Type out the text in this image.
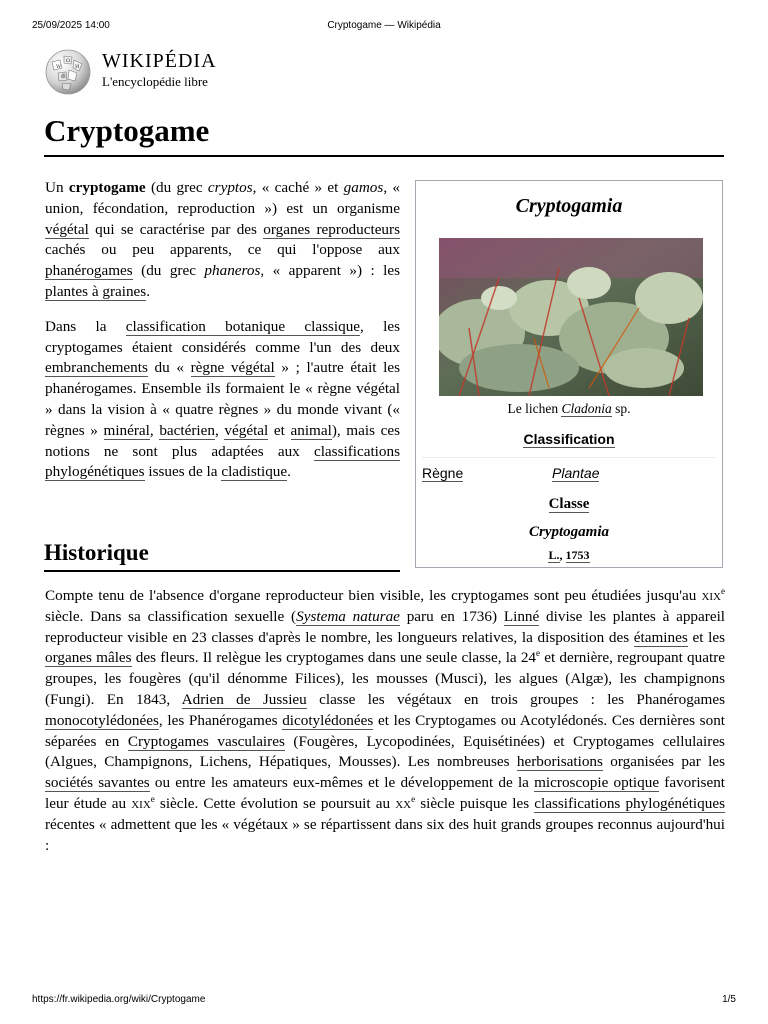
25/09/2025 14:00	Cryptogame — Wikipédia
W
Ω
И
維
WIKIPÉDIA
L'encyclopédie libre
Cryptogame

Un cryptogame (du grec cryptos, « caché » et gamos, « union, fécondation, reproduction ») est un organisme végétal qui se caractérise par des organes reproducteurs cachés ou peu apparents, ce qui l'oppose aux phanérogames (du grec phaneros, « apparent ») : les plantes à graines.

Dans la classification botanique classique, les cryptogames étaient considérés comme l'un des deux embranchements du « règne végétal » ; l'autre était les phanérogames. Ensemble ils formaient le « règne végétal » dans la vision à « quatre règnes » du monde vivant (« règnes » minéral, bactérien, végétal et animal), mais ces notions ne sont plus adaptées aux classifications phylogénétiques issues de la cladistique.

Cryptogamia
Le lichen Cladonia sp.
Classification
Règne	Plantae
Classe
Cryptogamia
L., 1753
Historique

Compte tenu de l'absence d'organe reproducteur bien visible, les cryptogames sont peu étudiées jusqu'au xix$^e$ siècle. Dans sa classification sexuelle (Systema naturae paru en 1736) Linné divise les plantes à appareil reproducteur visible en 23 classes d'après le nombre, les longueurs relatives, la disposition des étamines et les organes mâles des fleurs. Il relègue les cryptogames dans une seule classe, la 24e et dernière, regroupant quatre groupes, les fougères (qu'il dénomme Filices), les mousses (Musci), les algues (Algæ), les champignons (Fungi). En 1843, Adrien de Jussieu classe les végétaux en trois groupes : les Phanérogames monocotylédonées, les Phanérogames dicotylédonées et les Cryptogames ou Acotylédonés. Ces dernières sont séparées en Cryptogames vasculaires (Fougères, Lycopodinées, Equisétinées) et Cryptogames cellulaires (Algues, Champignons, Lichens, Hépatiques, Mousses). Les nombreuses herborisations organisées par les sociétés savantes ou entre les amateurs eux-mêmes et le développement de la microscopie optique favorisent leur étude au xix$^e$ siècle. Cette évolution se poursuit au $xx^e$ siècle puisque les classifications phylogénétiques récentes « admettent que les « végétaux » se répartissent dans six des huit grands groupes reconnus aujourd'hui :

https://fr.wikipedia.org/wiki/Cryptogame	1/5
